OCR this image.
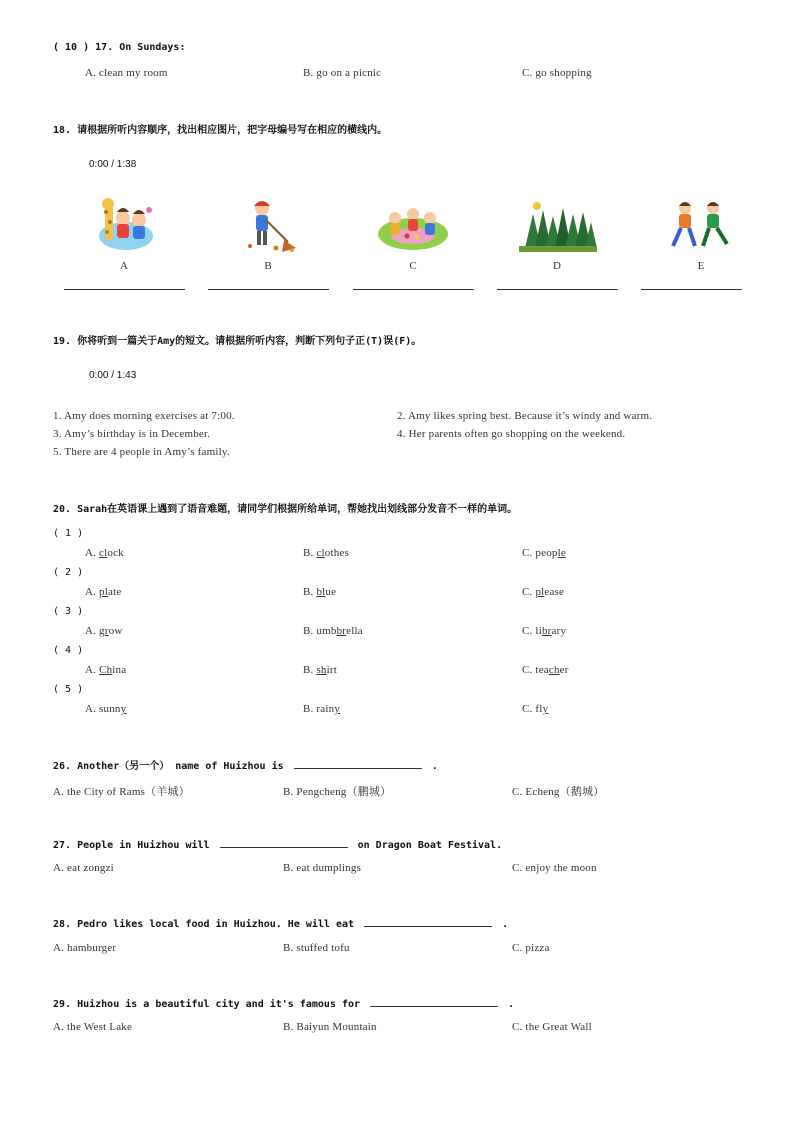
( 10 ) 17. On Sundays:
A. clean my room	B. go on a picnic	C. go shopping
18. 请根据所听内容顺序，找出相应图片，把字母编号写在相应的横线内。
0:00 / 1:38
A	B	C	D	E
19. 你将听到一篇关于Amy的短文。请根据所听内容，判断下列句子正(T)误(F)。
0:00 / 1:43
1. Amy does morning exercises at 7:00.	2. Amy likes spring best. Because it’s windy and warm.
3. Amy’s birthday is in December.	4. Her parents often go shopping on the weekend.
5. There are 4 people in Amy’s family.
20. Sarah在英语课上遇到了语音难题，请同学们根据所给单词，帮她找出划线部分发音不一样的单词。
( 1 )
A. clock	B. clothes	C. people
( 2 )
A. plate	B. blue	C. please
( 3 )
A. grow	B. umbbrella	C. library
( 4 )
A. China	B. shirt	C. teacher
( 5 )
A. sunny	B. rainy	C. fly
26. Another（另一个） name of Huizhou is	.
A. the City of Rams（羊城）	B. Pengcheng（鹏城）	C. Echeng（鹅城）
27. People in Huizhou will	on Dragon Boat Festival.
A. eat zongzi	B. eat dumplings	C. enjoy the moon
28. Pedro likes local food in Huizhou. He will eat	.
A. hamburger	B. stuffed tofu	C. pizza
29. Huizhou is a beautiful city and it's famous for	.
A. the West Lake	B. Baiyun Mountain	C. the Great Wall
